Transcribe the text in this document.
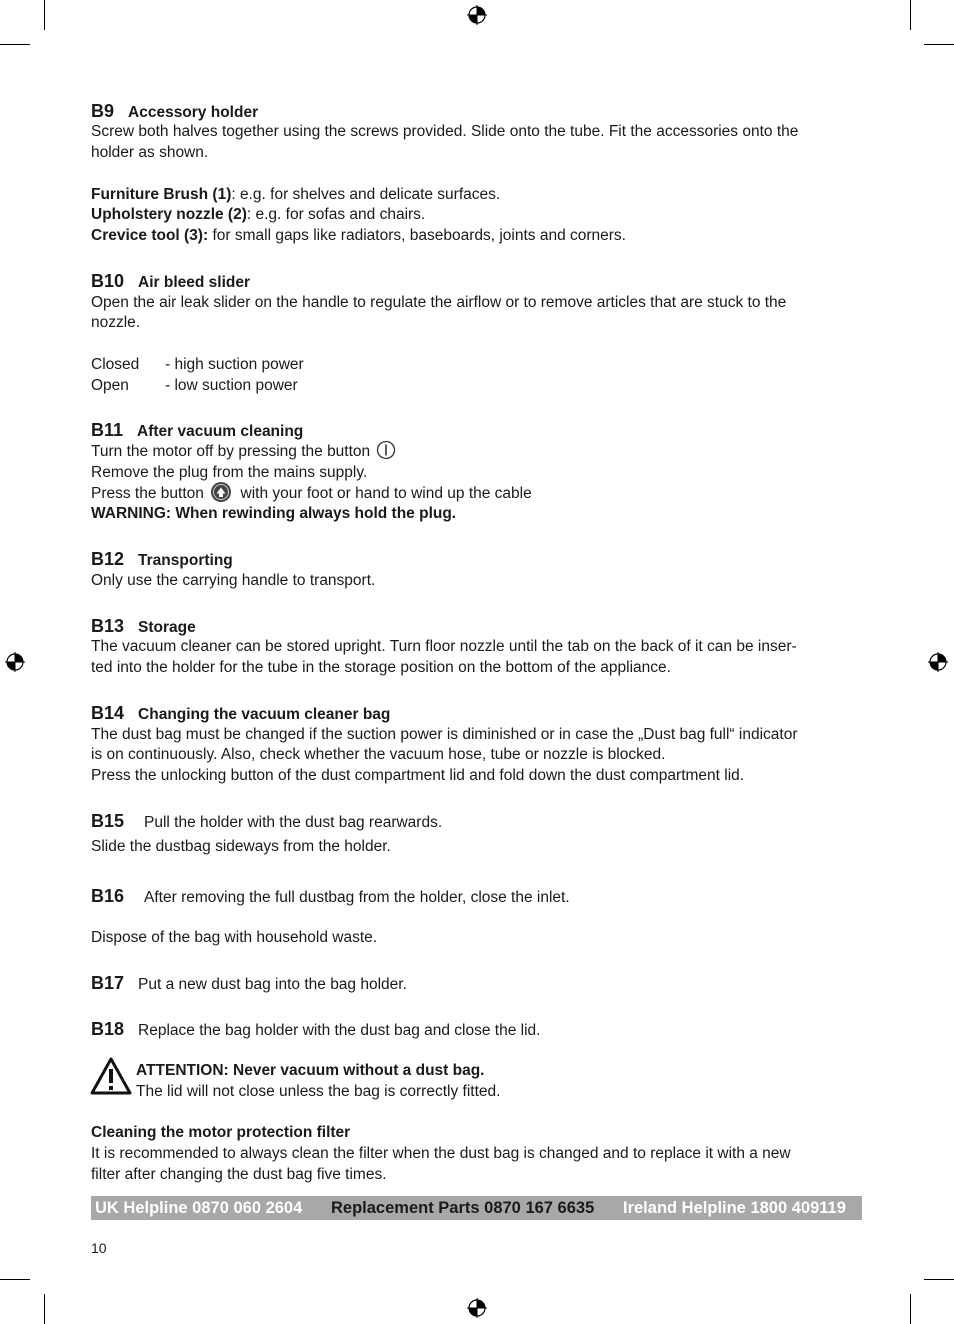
B9 Accessory holder
Screw both halves together using the screws provided. Slide onto the tube. Fit the accessories onto the
holder as shown.
Furniture Brush (1): e.g. for shelves and delicate surfaces.
Upholstery nozzle (2): e.g. for sofas and chairs.
Crevice tool (3): for small gaps like radiators, baseboards, joints and corners.
B10 Air bleed slider
Open the air leak slider on the handle to regulate the airflow or to remove articles that are stuck to the
nozzle.
Closed - high suction power
Open - low suction power
B11 After vacuum cleaning
Turn the motor off by pressing the button
Remove the plug from the mains supply.
Press the button with your foot or hand to wind up the cable
WARNING: When rewinding always hold the plug.
B12 Transporting
Only use the carrying handle to transport.
B13 Storage
The vacuum cleaner can be stored upright. Turn floor nozzle until the tab on the back of it can be inser-
ted into the holder for the tube in the storage position on the bottom of the appliance.
B14 Changing the vacuum cleaner bag
The dust bag must be changed if the suction power is diminished or in case the „Dust bag full“ indicator
is on continuously. Also, check whether the vacuum hose, tube or nozzle is blocked.
Press the unlocking button of the dust compartment lid and fold down the dust compartment lid.
B15 Pull the holder with the dust bag rearwards.
Slide the dustbag sideways from the holder.
B16 After removing the full dustbag from the holder, close the inlet.
Dispose of the bag with household waste.
B17 Put a new dust bag into the bag holder.
B18 Replace the bag holder with the dust bag and close the lid.
ATTENTION: Never vacuum without a dust bag.
The lid will not close unless the bag is correctly fitted.
Cleaning the motor protection filter
It is recommended to always clean the filter when the dust bag is changed and to replace it with a new
filter after changing the dust bag five times.
UK Helpline 0870 060 2604 Replacement Parts 0870 167 6635 Ireland Helpline 1800 409119
10
